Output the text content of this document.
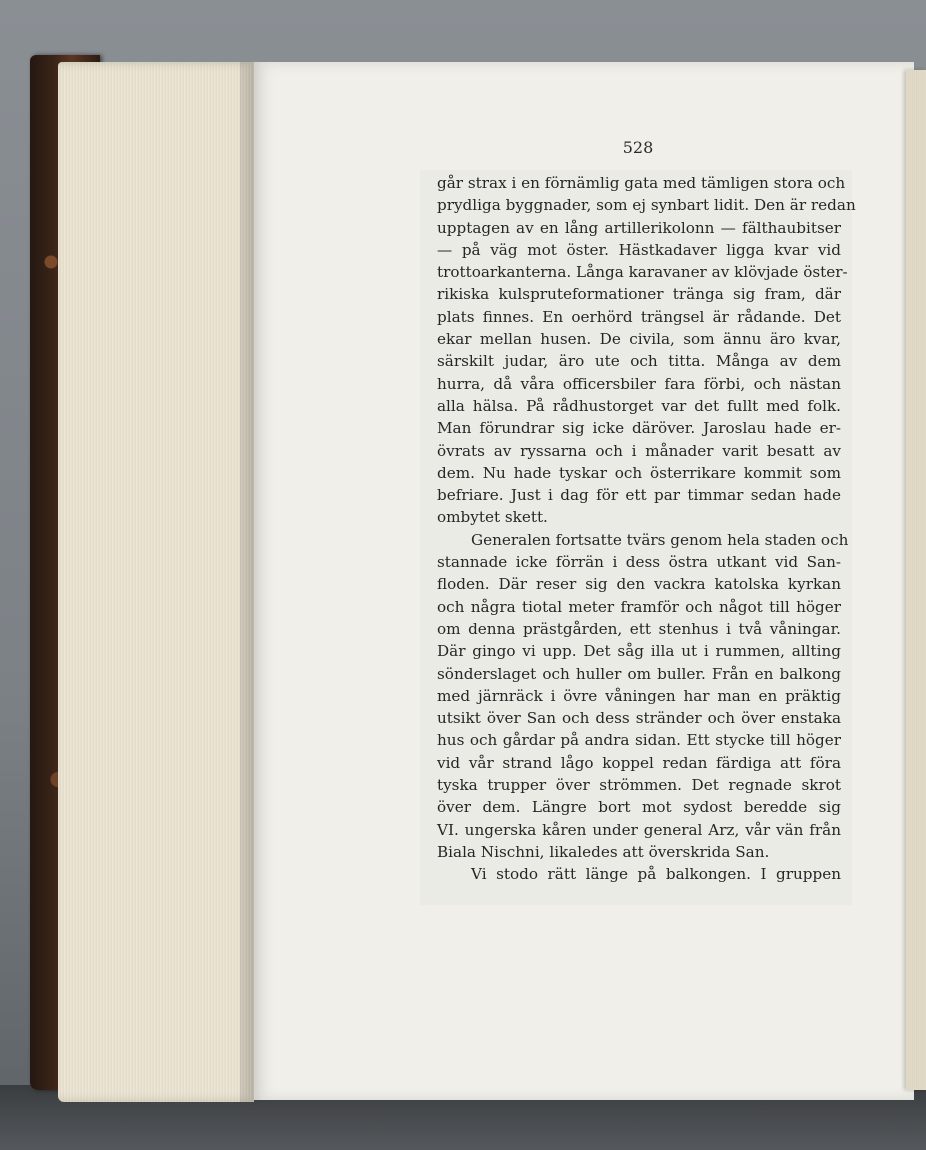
528
går strax i en förnämlig gata med tämligen stora och
prydliga byggnader, som ej synbart lidit. Den är redan
upptagen av en lång artillerikolonn — fälthaubitser
— på väg mot öster. Hästkadaver ligga kvar vid
trottoarkanterna. Långa karavaner av klövjade öster-
rikiska kulspruteformationer tränga sig fram, där
plats finnes. En oerhörd trängsel är rådande. Det
ekar mellan husen. De civila, som ännu äro kvar,
särskilt judar, äro ute och titta. Många av dem
hurra, då våra officersbiler fara förbi, och nästan
alla hälsa. På rådhustorget var det fullt med folk.
Man förundrar sig icke däröver. Jaroslau hade er-
övrats av ryssarna och i månader varit besatt av
dem. Nu hade tyskar och österrikare kommit som
befriare. Just i dag för ett par timmar sedan hade
ombytet skett.
Generalen fortsatte tvärs genom hela staden och
stannade icke förrän i dess östra utkant vid San-
floden. Där reser sig den vackra katolska kyrkan
och några tiotal meter framför och något till höger
om denna prästgården, ett stenhus i två våningar.
Där gingo vi upp. Det såg illa ut i rummen, allting
sönderslaget och huller om buller. Från en balkong
med järnräck i övre våningen har man en präktig
utsikt över San och dess stränder och över enstaka
hus och gårdar på andra sidan. Ett stycke till höger
vid vår strand lågo koppel redan färdiga att föra
tyska trupper över strömmen. Det regnade skrot
över dem. Längre bort mot sydost beredde sig
VI. ungerska kåren under general Arz, vår vän från
Biala Nischni, likaledes att överskrida San.
Vi stodo rätt länge på balkongen. I gruppen
